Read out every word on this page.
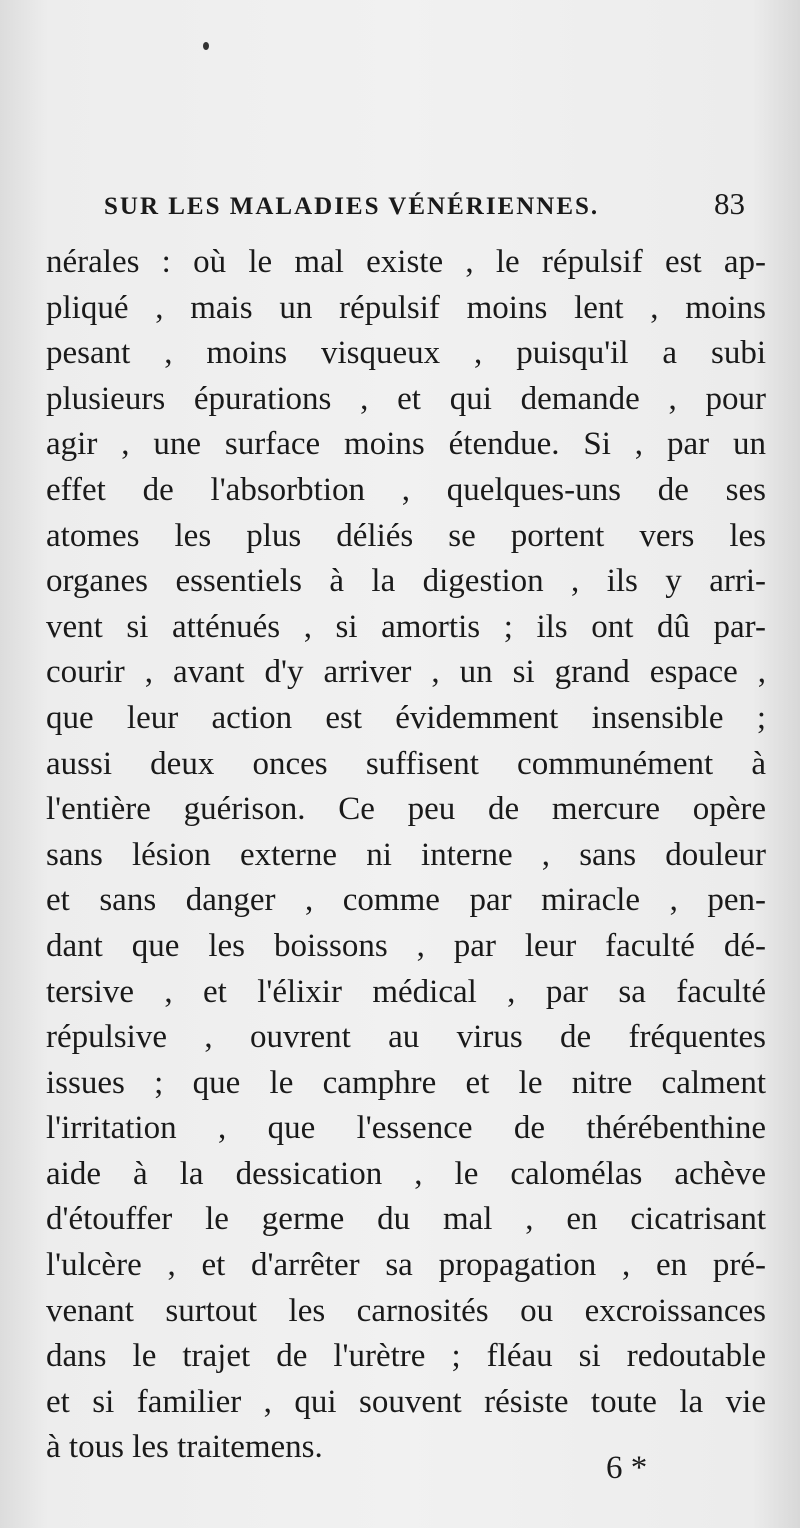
SUR LES MALADIES VÉNÉRIENNES.	83
nérales : où le mal existe , le répulsif est ap-
pliqué , mais un répulsif moins lent , moins
pesant , moins visqueux , puisqu'il a subi
plusieurs épurations , et qui demande , pour
agir , une surface moins étendue. Si , par un
effet de l'absorbtion , quelques-uns de ses
atomes les plus déliés se portent vers les
organes essentiels à la digestion , ils y arri-
vent si atténués , si amortis ; ils ont dû par-
courir , avant d'y arriver , un si grand espace ,
que leur action est évidemment insensible ;
aussi deux onces suffisent communément à
l'entière guérison. Ce peu de mercure opère
sans lésion externe ni interne , sans douleur
et sans danger , comme par miracle , pen-
dant que les boissons , par leur faculté dé-
tersive , et l'élixir médical , par sa faculté
répulsive , ouvrent au virus de fréquentes
issues ; que le camphre et le nitre calment
l'irritation , que l'essence de thérébenthine
aide à la dessication , le calomélas achève
d'étouffer le germe du mal , en cicatrisant
l'ulcère , et d'arrêter sa propagation , en pré-
venant surtout les carnosités ou excroissances
dans le trajet de l'urètre ; fléau si redoutable
et si familier , qui souvent résiste toute la vie
à tous les traitemens.
6 *
